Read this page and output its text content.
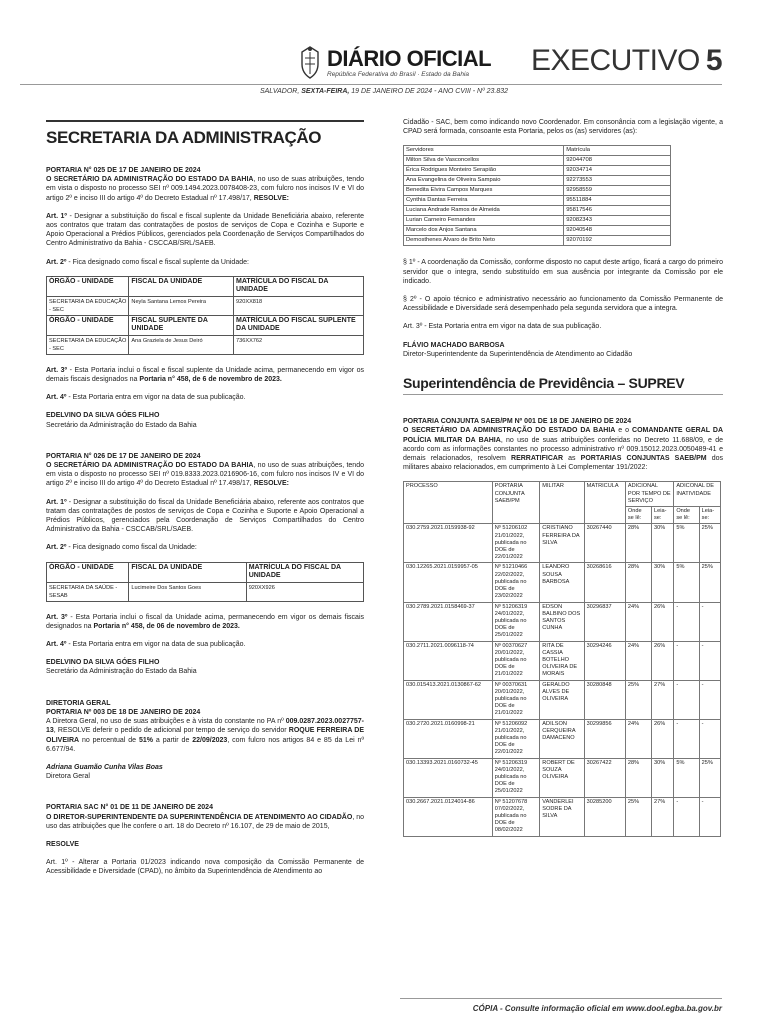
DIÁRIO OFICIAL
República Federativa do Brasil · Estado da Bahia	EXECUTIVO 5
SALVADOR, SEXTA-FEIRA, 19 DE JANEIRO DE 2024 - ANO CVIII - Nº 23.832
SECRETARIA DA ADMINISTRAÇÃO

PORTARIA N° 025 DE 17 DE JANEIRO DE 2024

O SECRETÁRIO DA ADMINISTRAÇÃO DO ESTADO DA BAHIA, no uso de suas atribuições, tendo em vista o disposto no processo SEI nº 009.1494.2023.0078408-23, com fulcro nos incisos IV e VI do artigo 2º e inciso III do artigo 4º do Decreto Estadual nº 17.498/17, RESOLVE:

Art. 1º - Designar a substituição do fiscal e fiscal suplente da Unidade Beneficiária abaixo, referente aos contratos que tratam das contratações de postos de serviços de Copa e Cozinha e Suporte e Apoio Operacional a Prédios Públicos, gerenciados pela Coordenação de Serviços Compartilhados do Centro Administrativo da Bahia - CSCCAB/SRL/SAEB.

Art. 2º - Fica designado como fiscal e fiscal suplente da Unidade:

ÓRGÃO - UNIDADE	FISCAL DA UNIDADE	MATRÍCULA DO FISCAL DA UNIDADE
SECRETARIA DA EDUCAÇÃO - SEC	Neyla Santana Lemos Pereira	920XX818
ÓRGÃO - UNIDADE	FISCAL SUPLENTE DA UNIDADE	MATRÍCULA DO FISCAL SUPLENTE DA UNIDADE
SECRETARIA DA EDUCAÇÃO - SEC	Ana Graziela de Jesus Deiró	736XX762

Art. 3º - Esta Portaria inclui o fiscal e fiscal suplente da Unidade acima, permanecendo em vigor os demais fiscais designados na Portaria n° 458, de 6 de novembro de 2023.

Art. 4º - Esta Portaria entra em vigor na data de sua publicação.

EDELVINO DA SILVA GÓES FILHO

Secretário da Administração do Estado da Bahia

PORTARIA N° 026 DE 17 DE JANEIRO DE 2024

O SECRETÁRIO DA ADMINISTRAÇÃO DO ESTADO DA BAHIA, no uso de suas atribuições, tendo em vista o disposto no processo SEI nº 019.8333.2023.0216906-16, com fulcro nos incisos IV e VI do artigo 2º e inciso III do artigo 4º do Decreto Estadual nº 17.498/17, RESOLVE:

Art. 1º - Designar a substituição do fiscal da Unidade Beneficiária abaixo, referente aos contratos que tratam das contratações de postos de serviços de Copa e Cozinha e Suporte e Apoio Operacional a Prédios Públicos, gerenciados pela Coordenação de Serviços Compartilhados do Centro Administrativo da Bahia - CSCCAB/SRL/SAEB.

Art. 2º - Fica designado como fiscal da Unidade:

ÓRGÃO - UNIDADE	FISCAL DA UNIDADE	MATRÍCULA DO FISCAL DA UNIDADE
SECRETARIA DA SAÚDE - SESAB	Lucimeire Dos Santos Goes	920XX926

Art. 3º - Esta Portaria inclui o fiscal da Unidade acima, permanecendo em vigor os demais fiscais designados na Portaria n° 458, de 06 de novembro de 2023.

Art. 4º - Esta Portaria entra em vigor na data de sua publicação.

EDELVINO DA SILVA GÓES FILHO

Secretário da Administração do Estado da Bahia

DIRETORIA GERAL

PORTARIA Nº 003 DE 18 DE JANEIRO DE 2024

A Diretora Geral, no uso de suas atribuições e à vista do constante no PA nº 009.0287.2023.0027757-13, RESOLVE deferir o pedido de adicional por tempo de serviço do servidor ROQUE FERREIRA DE OLIVEIRA no percentual de 51% a partir de 22/09/2023, com fulcro nos artigos 84 e 85 da Lei nº 6.677/94.

Adriana Guamão Cunha Vilas Boas

Diretora Geral

PORTARIA SAC N° 01 DE 11 DE JANEIRO DE 2024

O DIRETOR-SUPERINTENDENTE DA SUPERINTENDÊNCIA DE ATENDIMENTO AO CIDADÃO, no uso das atribuições que lhe confere o art. 18 do Decreto nº 16.107, de 29 de maio de 2015,

RESOLVE

Art. 1º - Alterar a Portaria 01/2023 indicando nova composição da Comissão Permanente de Acessibilidade e Diversidade (CPAD), no âmbito da Superintendência de Atendimento ao

Cidadão - SAC, bem como indicando novo Coordenador. Em consonância com a legislação vigente, a CPAD será formada, consoante esta Portaria, pelos os (as) servidores (as):

Servidores	Matrícula
Milton Silva de Vasconcellos	92044708
Érica Rodrigues Monteiro Serapião	92034714
Ana Evangelina de Oliveira Sampaio	92273553
Benedita Elvira Campos Marques	92958559
Cynthia Dantas Ferreira	95511884
Luciana Andrade Ramos de Almeida	95817546
Lurian Carneiro Fernandes	92082343
Marcelo dos Anjos Santana	92040548
Demosthenes Alvaro de Brito Neto	92070192

§ 1º - A coordenação da Comissão, conforme disposto no caput deste artigo, ficará a cargo do primeiro servidor que o integra, sendo substituído em sua ausência por integrante da Comissão por ele indicado.

§ 2º - O apoio técnico e administrativo necessário ao funcionamento da Comissão Permanente de Acessibilidade e Diversidade será desempenhado pela segunda servidora que a integra.

Art. 3º - Esta Portaria entra em vigor na data de sua publicação.

FLÁVIO MACHADO BARBOSA

Diretor-Superintendente da Superintendência de Atendimento ao Cidadão

Superintendência de Previdência – SUPREV

PORTARIA CONJUNTA SAEB/PM Nº 001 DE 18 DE JANEIRO DE 2024

O SECRETÁRIO DA ADMINISTRAÇÃO DO ESTADO DA BAHIA e o COMANDANTE GERAL DA POLÍCIA MILITAR DA BAHIA, no uso de suas atribuições conferidas no Decreto 11.688/09, e de acordo com as informações constantes no processo administrativo nº 009.15012.2023.0050489-41 e demais relacionados, resolvem RERRATIFICAR as PORTARIAS CONJUNTAS SAEB/PM dos militares abaixo relacionados, em cumprimento à Lei Complementar 191/2022:

PROCESSO	PORTARIA CONJUNTA SAEB/PM	MILITAR	MATRICULA	ADICIONAL POR TEMPO DE SERVIÇO		ADICONAL DE INATIVIDADE	
				Onde se lê:	Leia-se:	Onde se lê:	Leia-se:
030.2759.2021.0159938-92	Nº 51206102 21/01/2022, publicada no DOE de 22/01/2022	CRISTIANO FERREIRA DA SILVA	30267440	28%	30%	5%	25%
030.12265.2021.0159957-05	Nº 51210466 22/02/2022, publicada no DOE de 23/02/2022	LEANDRO SOUSA BARBOSA	30268616	28%	30%	5%	25%
030.2789.2021.0158469-37	Nº 51206319 24/01/2022, publicada no DOE de 25/01/2022	EDSON BALBINO DOS SANTOS CUNHA	30296837	24%	26%	-	-
030.2711.2021.0096118-74	Nº 00370627 20/01/2022, publicada no DOE de 21/01/2022	RITA DE CASSIA BOTELHO OLIVEIRA DE MORAIS	30294246	24%	26%	-	-
030.015413.2021.0130867-62	Nº 00370631 20/01/2022, publicada no DOE de 21/01/2022	GERALDO ALVES DE OLIVEIRA	30280848	25%	27%	-	-
030.2720.2021.0160998-21	Nº 51206092 21/01/2022, publicada no DOE de 22/01/2022	ADILSON CERQUEIRA DAMACENO	30299856	24%	26%	-	-
030.13393.2021.0160732-45	Nº 51206319 24/01/2022, publicada no DOE de 25/01/2022	ROBERT DE SOUZA OLIVEIRA	30267422	28%	30%	5%	25%
030.2667.2021.0124014-86	Nº 51207678 07/02/2022, publicada no DOE de 08/02/2022	VANDERLEI SODRE DA SILVA	30285200	25%	27%	-	-
CÓPIA - Consulte informação oficial em www.dool.egba.ba.gov.br
